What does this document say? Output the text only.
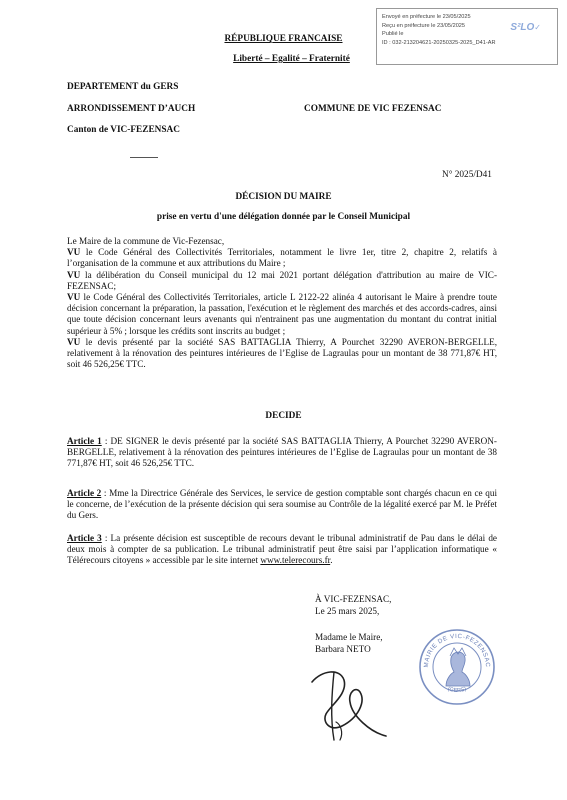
Envoyé en préfecture le 23/05/2025
Reçu en préfecture le 23/05/2025
Publié le
ID : 032-213204621-20250325-2025_D41-AR
S²LO✓
RÉPUBLIQUE FRANCAISE
Liberté – Egalité – Fraternité
DEPARTEMENT du GERS
ARRONDISSEMENT D’AUCH	COMMUNE DE VIC FEZENSAC
Canton de VIC-FEZENSAC
N° 2025/D41
DÉCISION DU MAIRE
prise en vertu d'une délégation donnée par le Conseil Municipal

Le Maire de la commune de Vic-Fezensac,

VU le Code Général des Collectivités Territoriales, notamment le livre 1er, titre 2, chapitre 2, relatifs à l’organisation de la commune et aux attributions du Maire ;

VU la délibération du Conseil municipal du 12 mai 2021 portant délégation d'attribution au maire de VIC-FEZENSAC;

VU le Code Général des Collectivités Territoriales, article L 2122-22 alinéa 4 autorisant le Maire à prendre toute décision concernant la préparation, la passation, l'exécution et le règlement des marchés et des accords-cadres, ainsi que toute décision concernant leurs avenants qui n'entrainent pas une augmentation du montant du contrat initial supérieur à 5% ; lorsque les crédits sont inscrits au budget ;

VU le devis présenté par la société SAS BATTAGLIA Thierry, A Pourchet 32290 AVERON-BERGELLE, relativement à la rénovation des peintures intérieures de l’Eglise de Lagraulas pour un montant de 38 771,87€ HT, soit 46 526,25€ TTC.

DECIDE

Article 1 : DE SIGNER le devis présenté par la société SAS BATTAGLIA Thierry, A Pourchet 32290 AVERON-BERGELLE, relativement à la rénovation des peintures intérieures de l’Eglise de Lagraulas pour un montant de 38 771,87€ HT, soit 46 526,25€ TTC.

Article 2 : Mme la Directrice Générale des Services, le service de gestion comptable sont chargés chacun en ce qui le concerne, de l’exécution de la présente décision qui sera soumise au Contrôle de la légalité exercé par M. le Préfet du Gers.

Article 3 : La présente décision est susceptible de recours devant le tribunal administratif de Pau dans le délai de deux mois à compter de sa publication. Le tribunal administratif peut être saisi par l’application informatique « Télérecours citoyens » accessible par le site internet www.telerecours.fr.

À VIC-FEZENSAC,
Le 25 mars 2025,
Madame le Maire,
Barbara NETO
MAIRIE DE VIC-FEZENSAC
(GERS)
